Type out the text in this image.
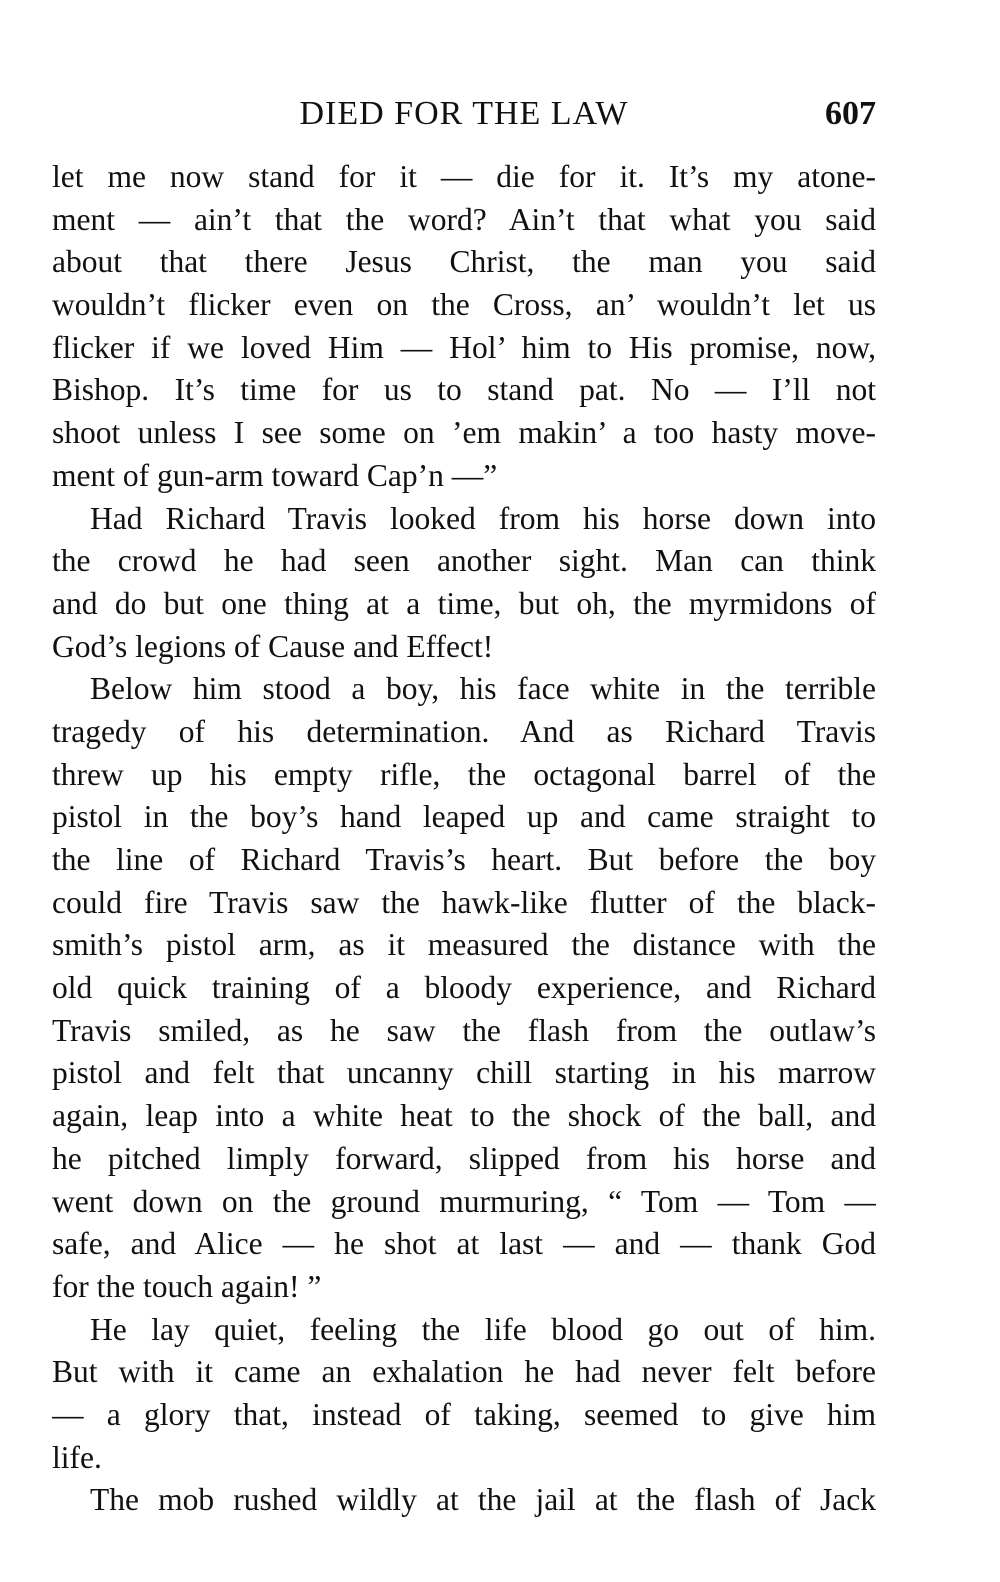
DIED FOR THE LAW	607
let me now stand for it — die for it. It’s my atone-
ment — ain’t that the word? Ain’t that what you said
about that there Jesus Christ, the man you said
wouldn’t flicker even on the Cross, an’ wouldn’t let us
flicker if we loved Him — Hol’ him to His promise, now,
Bishop. It’s time for us to stand pat. No — I’ll not
shoot unless I see some on ’em makin’ a too hasty move-
ment of gun-arm toward Cap’n —”
Had Richard Travis looked from his horse down into
the crowd he had seen another sight. Man can think
and do but one thing at a time, but oh, the myrmidons of
God’s legions of Cause and Effect!
Below him stood a boy, his face white in the terrible
tragedy of his determination. And as Richard Travis
threw up his empty rifle, the octagonal barrel of the
pistol in the boy’s hand leaped up and came straight to
the line of Richard Travis’s heart. But before the boy
could fire Travis saw the hawk-like flutter of the black-
smith’s pistol arm, as it measured the distance with the
old quick training of a bloody experience, and Richard
Travis smiled, as he saw the flash from the outlaw’s
pistol and felt that uncanny chill starting in his marrow
again, leap into a white heat to the shock of the ball, and
he pitched limply forward, slipped from his horse and
went down on the ground murmuring, “ Tom — Tom —
safe, and Alice — he shot at last — and — thank God
for the touch again! ”
He lay quiet, feeling the life blood go out of him.
But with it came an exhalation he had never felt before
— a glory that, instead of taking, seemed to give him
life.
The mob rushed wildly at the jail at the flash of Jack
